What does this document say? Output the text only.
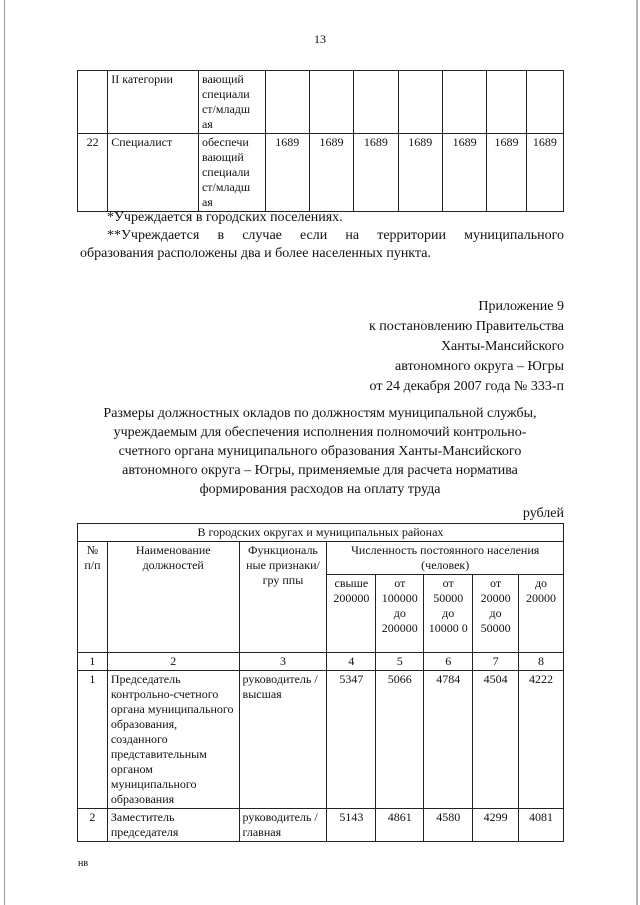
13
	II категории	вающий специали ст/младш ая							
22	Специалист	обеспечи вающий специали ст/младш ая	1689	1689	1689	1689	1689	1689	1689
*Учреждается в городских поселениях.
**Учреждается в случае если на территории муниципального
образования расположены два и более населенных пункта.
Приложение 9
к постановлению Правительства
Ханты-Мансийского
автономного округа – Югры
от 24 декабря 2007 года № 333-п
Размеры должностных окладов по должностям муниципальной службы,
учреждаемым для обеспечения исполнения полномочий контрольно-
счетного органа муниципального образования Ханты-Мансийского
автономного округа – Югры, применяемые для расчета норматива
формирования расходов на оплату труда
рублей
В городских округах и муниципальных районах							
№ п/п	Наименование должностей	Функциональ ные признаки/гру ппы	Численность постоянного населения (человек)				
			свыше 200000	от 100000 до 200000	от 50000 до 10000 0	от 20000 до 50000	до 20000
1	2	3	4	5	6	7	8
1	Председатель контрольно-счетного органа муниципального образования, созданного представительным органом муниципального образования	руководитель /высшая	5347	5066	4784	4504	4222
2	Заместитель председателя	руководитель /главная	5143	4861	4580	4299	4081
нв
